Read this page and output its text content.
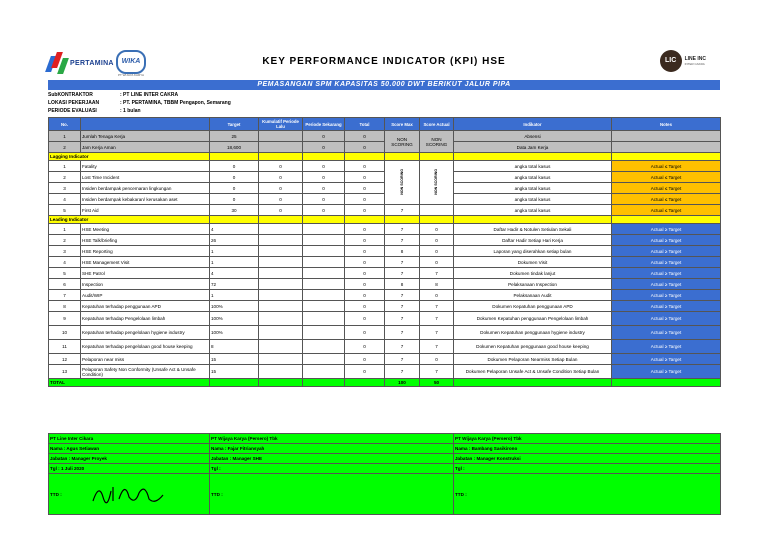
PERTAMINA	WIKA
PT WIJAYA KARYA
KEY PERFORMANCE INDICATOR (KPI) HSE	LIC	LINE INC
INTER CAKRA
PEMASANGAN SPM KAPASITAS 50.000 DWT BERIKUT JALUR PIPA
SubKONTRAKTOR	: PT LINE INTER CAKRA
LOKASI PEKERJAAN	: PT. PERTAMINA, TBBM Pengapon, Semarang
PERIODE EVALUASI	: 1 bulan
No.		Target	Kumulatif Periode Lalu	Periode Sekarang	Total	Score Max	Score Actual	Indikator	Notes
1	Jumlah Tenaga Kerja	25		0	0	NON SCORING	NON SCORING	Absensi	
2	Jam Kerja Aman	18,600		0	0			Data Jam Kerja	
Lagging Indicator									
1	Fatality	0	0	0	0	NON SCORING	NON SCORING	angka total kasus	Actual ≤ Target
2	Lost Time Incident	0	0	0	0			angka total kasus	Actual ≤ Target
3	Insiden berdampak pencemaran lingkungan	0	0	0	0			angka total kasus	Actual ≤ Target
4	Insiden berdampak kebakaran/ kerusakan aset	0	0	0	0			angka total kasus	Actual ≤ Target
5	First Aid	30	0	0	0	7		angka total kasus	Actual ≤ Target
Leading Indicator									
1	HSE Meeting	4			0	7	0	Daftar Hadir & Notulen Setiulan Sekali	Actual ≥ Target
2	HSE Talk/briefing	26			0	7	0	Daftar Hadir Setiap Hari Kerja	Actual ≥ Target
3	HSE Reporting	1			0	8	0	Laporan yang diserahkan setiap bulan	Actual ≥ Target
4	HSE Management Visit	1			0	7	0	Dokumen Visit	Actual ≥ Target
5	SHE Patrol	4			0	7	7	Dokumen tindak lanjut	Actual ≥ Target
6	Inspection	72			0	8	8	Pelaksanaan Inspection	Actual ≥ Target
7	Audit/WIP	1			0	7	0	Pelaksanaan Audit	Actual ≥ Target
8	Kepatuhan terhadap penggunaan APD	100%			0	7	7	Dokumen Kepatuhan penggunaan APD	Actual ≥ Target
9	Kepatuhan terhadap Pengelolaan limbah	100%			0	7	7	Dokumen Kepatuhan penggunaan Pengelolaan limbah	Actual ≥ Target
10	Kepatuhan terhadap pengelolaan hygiene industry	100%			0	7	7	Dokumen Kepatuhan penggunaan hygiene industry	Actual ≥ Target
11	Kepatuhan terhadap pengelolaan good house keeping	8			0	7	7	Dokumen Kepatuhan penggunaan good house keeping	Actual ≥ Target
12	Pelaporan near miss	15			0	7	0	Dokumen Pelaporan Nearmiss Setiap Bulan	Actual ≥ Target
13	Pelaporan Safety Non Conformity (Unsafe Act & Unsafe Condition)	15			0	7	7	Dokumen Pelaporan Unsafe Act & Unsafe Condition Setiap Bulan	Actual ≥ Target
TOTAL						100	50		
PT Line Inter Cikara	PT Wijaya Karya (Persero) Tbk	PT Wijaya Karya (Persero) Tbk
Nama : Agus Setiawan	Nama : Fajar Fitriansyah	Nama : Bambang Sasikirono
Jabatan : Manager Proyek	Jabatan : Manager SHE	Jabatan : Manager Konstruksi
Tgl : 1 Juli 2020	Tgl :	Tgl :
TTD :	TTD :	TTD :
